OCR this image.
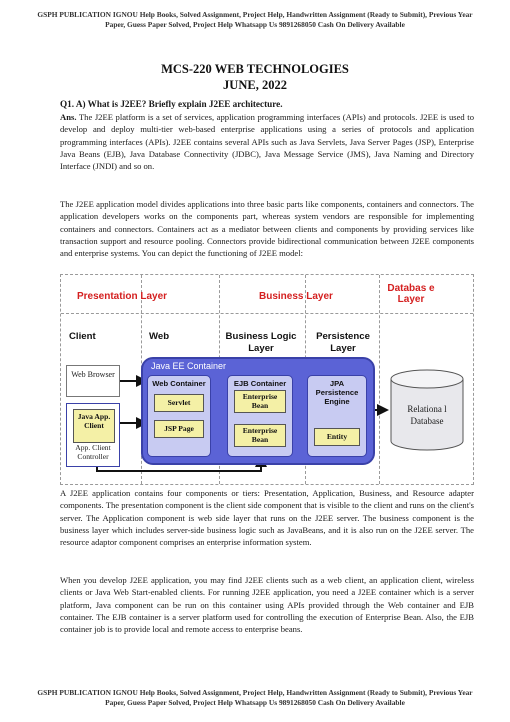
GSPH PUBLICATION IGNOU Help Books, Solved Assignment, Project Help, Handwritten Assignment (Ready to Submit), Previous Year Paper, Guess Paper Solved, Project Help Whatsapp Us 9891268050 Cash On Delivery Available
MCS-220 WEB TECHNOLOGIES
JUNE, 2022
Q1. A) What is J2EE? Briefly explain J2EE architecture.
Ans. The J2EE platform is a set of services, application programming interfaces (APIs) and protocols. J2EE is used to develop and deploy multi-tier web-based enterprise applications using a series of protocols and application programming interfaces (APIs). J2EE contains several APIs such as Java Servlets, Java Server Pages (JSP), Enterprise Java Beans (EJB), Java Database Connectivity (JDBC), Java Message Service (JMS), Java Naming and Directory Interface (JNDI) and so on.
The J2EE application model divides applications into three basic parts like components, containers and connectors. The application developers works on the components part, whereas system vendors are responsible for implementing containers and connectors. Containers act as a mediator between clients and components by providing services like transaction support and resource pooling. Connectors provide bidirectional communication between J2EE components and enterprise systems. You can depict the functioning of J2EE model:
Presentation Layer	Business Layer
Databas e Layer
Client	Web	Business Logic Layer
Persistence Layer
Web Browser
Java App. Client
App. Client Controller
Java EE Container
Web Container
Servlet
JSP Page
EJB Container
Enterprise Bean
Enterprise Bean
JPA Persistence Engine
Entity
Relationa l Database
A J2EE application contains four components or tiers: Presentation, Application, Business, and Resource adapter components. The presentation component is the client side component that is visible to the client and runs on the client's server. The Application component is web side layer that runs on the J2EE server. The business component is the business layer which includes server-side business logic such as JavaBeans, and it is also run on the J2EE server. The resource adaptor component comprises an enterprise information system.
When you develop J2EE application, you may find J2EE clients such as a web client, an application client, wireless clients or Java Web Start-enabled clients. For running J2EE application, you need a J2EE container which is a server platform, Java component can be run on this container using APIs provided through the Web container and EJB container. The EJB container is a server platform used for controlling the execution of Enterprise Bean. Also, the EJB container job is to provide local and remote access to enterprise beans.
GSPH PUBLICATION IGNOU Help Books, Solved Assignment, Project Help, Handwritten Assignment (Ready to Submit), Previous Year Paper, Guess Paper Solved, Project Help Whatsapp Us 9891268050 Cash On Delivery Available
